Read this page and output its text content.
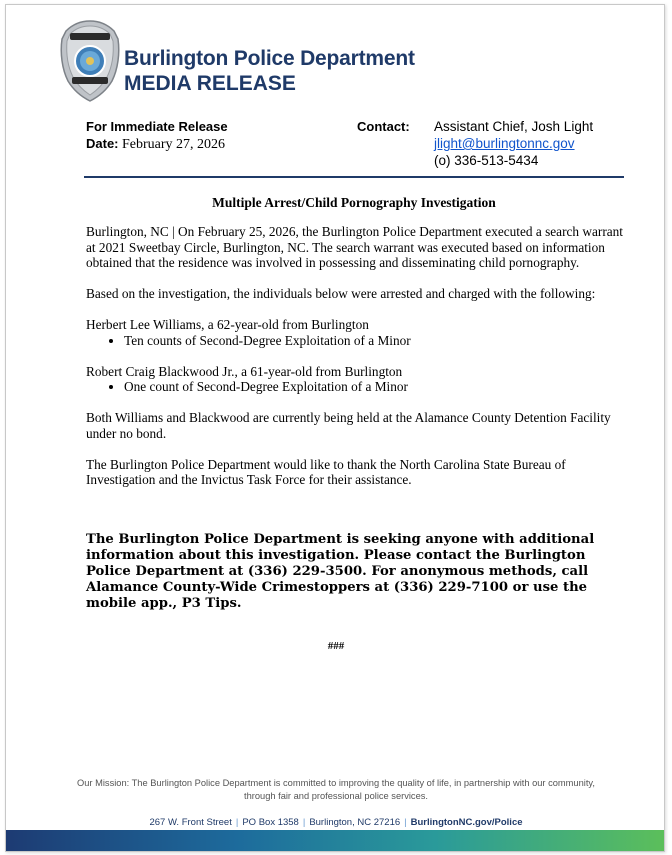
Burlington Police Department
MEDIA RELEASE
For Immediate Release
Date: February 27, 2026
Contact: Assistant Chief, Josh Light
jlight@burlingtonnc.gov
(o) 336-513-5434
Multiple Arrest/Child Pornography Investigation

Burlington, NC | On February 25, 2026, the Burlington Police Department executed a search warrant at 2021 Sweetbay Circle, Burlington, NC. The search warrant was executed based on information obtained that the residence was involved in possessing and disseminating child pornography.

Based on the investigation, the individuals below were arrested and charged with the following:

Herbert Lee Williams, a 62-year-old from Burlington
• Ten counts of Second-Degree Exploitation of a Minor
Robert Craig Blackwood Jr., a 61-year-old from Burlington
• One count of Second-Degree Exploitation of a Minor

Both Williams and Blackwood are currently being held at the Alamance County Detention Facility under no bond.

The Burlington Police Department would like to thank the North Carolina State Bureau of Investigation and the Invictus Task Force for their assistance.

The Burlington Police Department is seeking anyone with additional information about this investigation. Please contact the Burlington Police Department at (336) 229-3500. For anonymous methods, call Alamance County-Wide Crimestoppers at (336) 229-7100 or use the mobile app., P3 Tips.
###
Our Mission: The Burlington Police Department is committed to improving the quality of life, in partnership with our community, through fair and professional police services.
267 W. Front Street | PO Box 1358 | Burlington, NC 27216 | BurlingtonNC.gov/Police
